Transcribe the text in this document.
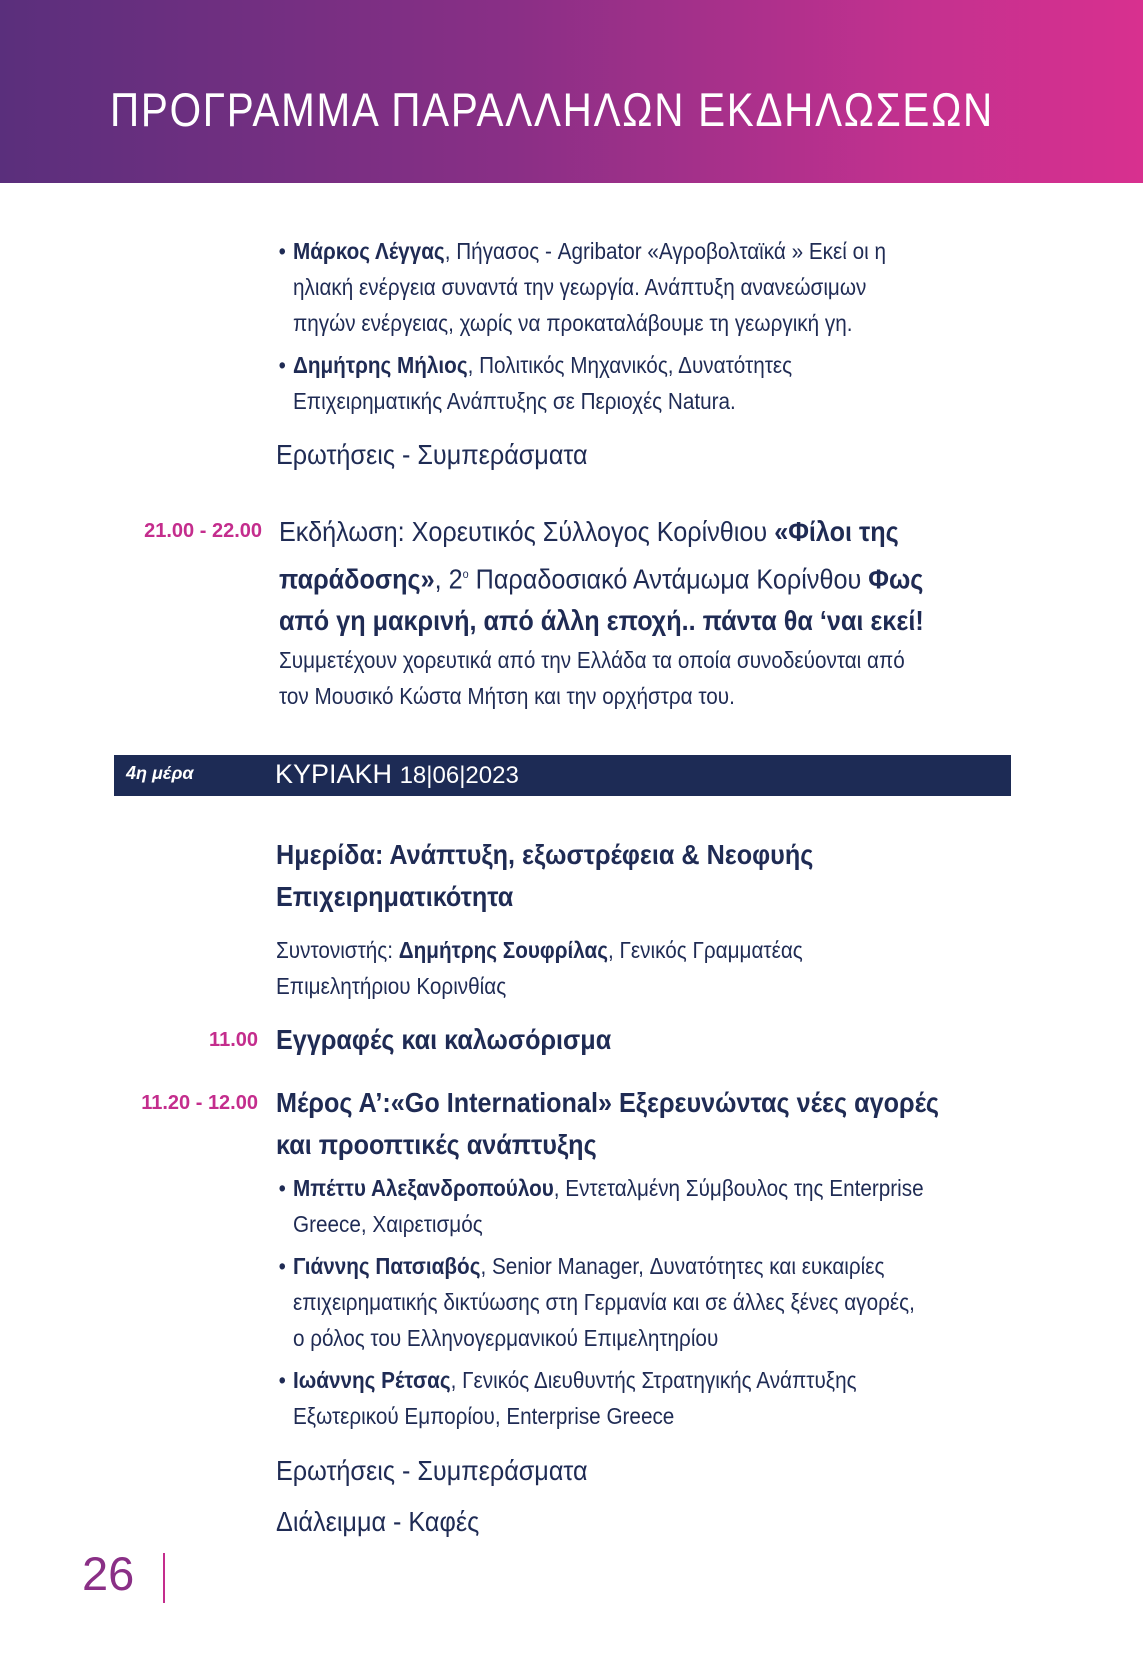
ΠΡΟΓΡΑΜΜΑ ΠΑΡΑΛΛΗΛΩΝ ΕΚΔΗΛΩΣΕΩΝ
• Μάρκος Λέγγας, Πήγασος - Agribator «Αγροβολταϊκά » Εκεί οι η
ηλιακή ενέργεια συναντά την γεωργία. Ανάπτυξη ανανεώσιμων
πηγών ενέργειας, χωρίς να προκαταλάβουμε τη γεωργική γη.
• Δημήτρης Μήλιος, Πολιτικός Μηχανικός, Δυνατότητες
Επιχειρηματικής Ανάπτυξης σε Περιοχές Natura.
Ερωτήσεις - Συμπεράσματα
21.00 - 22.00 Εκδήλωση: Χορευτικός Σύλλογος Κορίνθιου «Φίλοι της
παράδοσης», $2^o$ Παραδοσιακό Αντάμωμα Κορίνθου Φως
από γη μακρινή, από άλλη εποχή.. πάντα θα ‘ναι εκεί!
Συμμετέχουν χορευτικά από την Ελλάδα τα οποία συνοδεύονται από
τον Μουσικό Κώστα Μήτση και την ορχήστρα του.
4η μέρα	ΚΥΡΙΑΚΗ 18|06|2023
Ημερίδα: Ανάπτυξη, εξωστρέφεια & Νεοφυής
Επιχειρηματικότητα
Συντονιστής: Δημήτρης Σουφρίλας, Γενικός Γραμματέας
Επιμελητήριου Κορινθίας
11.00 Εγγραφές και καλωσόρισμα
11.20 - 12.00 Μέρος Α’:«Go International» Εξερευνώντας νέες αγορές
και προοπτικές ανάπτυξης
• Μπέττυ Αλεξανδροπούλου, Εντεταλμένη Σύμβουλος της Enterprise
Greece, Χαιρετισμός
• Γιάννης Πατσιαβός, Senior Manager, Δυνατότητες και ευκαιρίες
επιχειρηματικής δικτύωσης στη Γερμανία και σε άλλες ξένες αγορές,
ο ρόλος του Ελληνογερμανικού Επιμελητηρίου
• Ιωάννης Ρέτσας, Γενικός Διευθυντής Στρατηγικής Ανάπτυξης
Εξωτερικού Εμπορίου, Enterprise Greece
Ερωτήσεις - Συμπεράσματα
Διάλειμμα - Καφές
26
